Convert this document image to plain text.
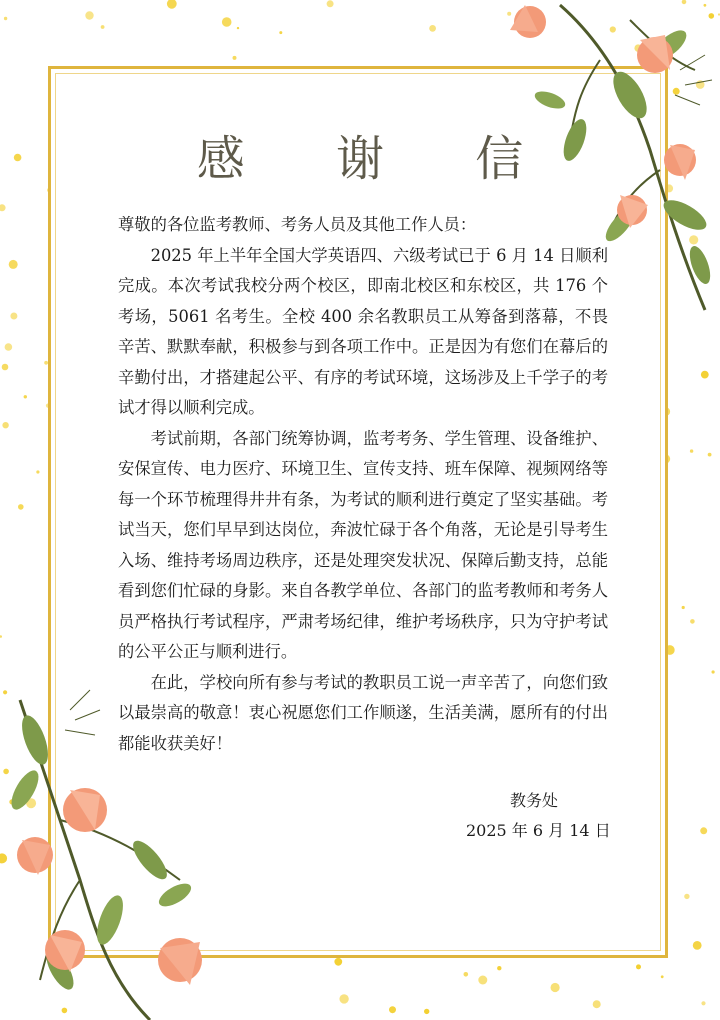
感 谢 信

尊敬的各位监考教师、考务人员及其他工作人员：

2025 年上半年全国大学英语四、六级考试已于 6 月 14 日顺利完成。本次考试我校分两个校区，即南北校区和东校区，共 176 个考场，5061 名考生。全校 400 余名教职员工从筹备到落幕，不畏辛苦、默默奉献，积极参与到各项工作中。正是因为有您们在幕后的辛勤付出，才搭建起公平、有序的考试环境，这场涉及上千学子的考试才得以顺利完成。

考试前期，各部门统筹协调，监考考务、学生管理、设备维护、安保宣传、电力医疗、环境卫生、宣传支持、班车保障、视频网络等每一个环节梳理得井井有条，为考试的顺利进行奠定了坚实基础。考试当天，您们早早到达岗位，奔波忙碌于各个角落，无论是引导考生入场、维持考场周边秩序，还是处理突发状况、保障后勤支持，总能看到您们忙碌的身影。来自各教学单位、各部门的监考教师和考务人员严格执行考试程序，严肃考场纪律，维护考场秩序，只为守护考试的公平公正与顺利进行。

在此，学校向所有参与考试的教职员工说一声辛苦了，向您们致以最崇高的敬意！衷心祝愿您们工作顺遂，生活美满，愿所有的付出都能收获美好！

教务处
2025 年 6 月 14 日
